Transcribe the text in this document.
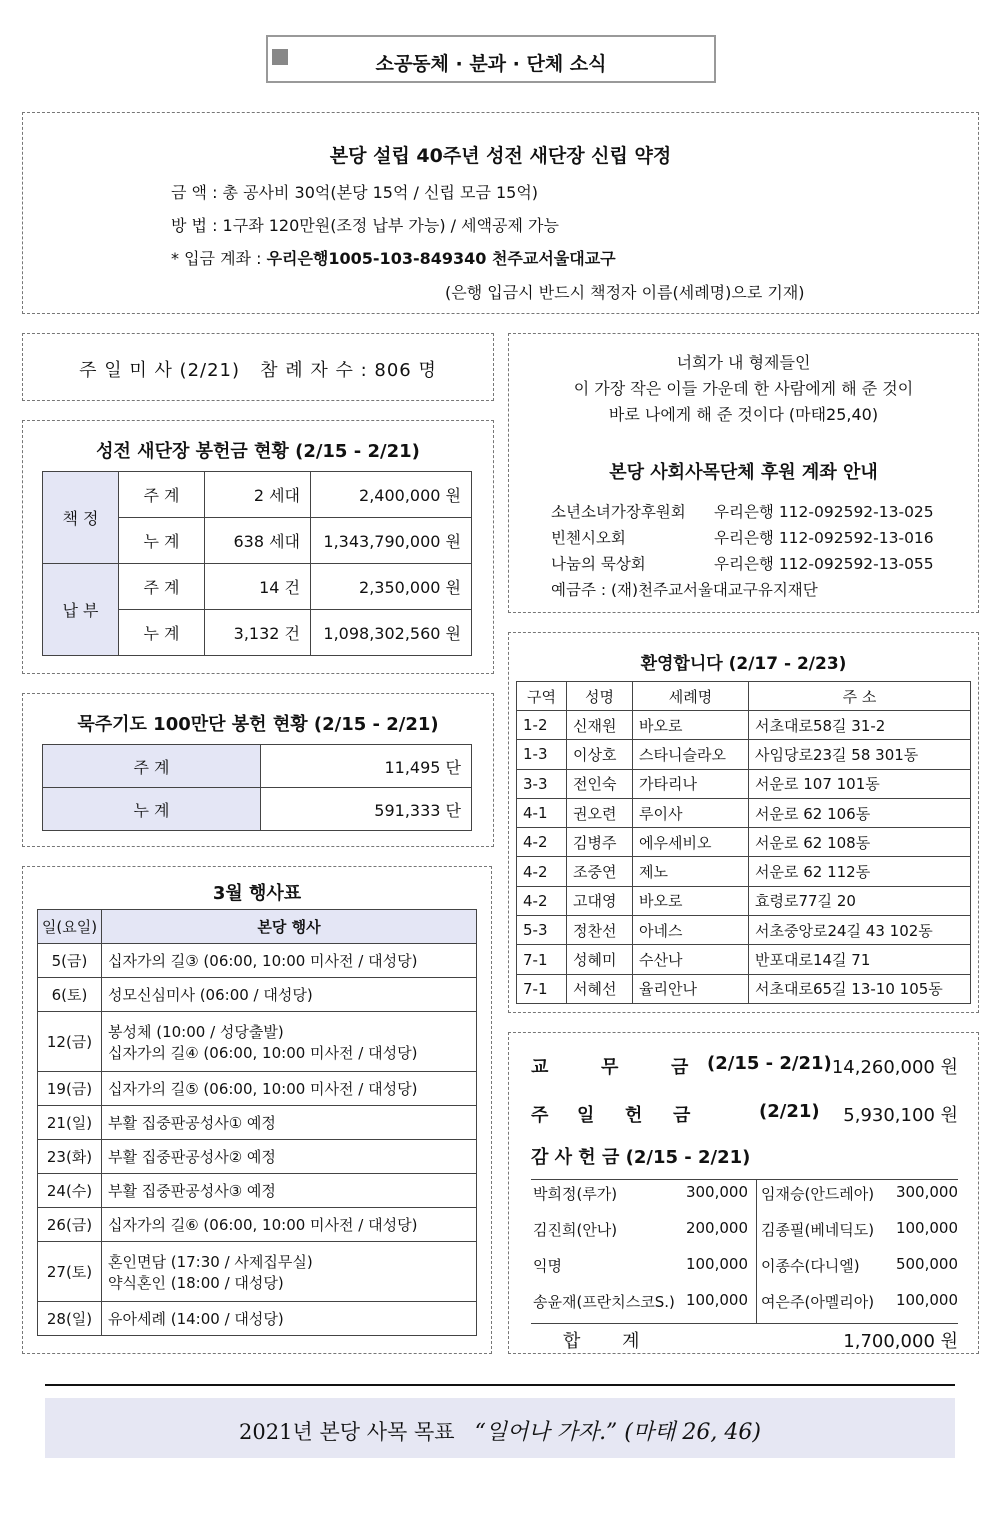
소공동체 · 분과 · 단체 소식
본당 설립 40주년 성전 새단장 신립 약정
금 액 : 총 공사비 30억(본당 15억 / 신립 모금 15억)
방 법 : 1구좌 120만원(조정 납부 가능) / 세액공제 가능
* 입금 계좌 : 우리은행1005-103-849340 천주교서울대교구
(은행 입금시 반드시 책정자 이름(세례명)으로 기재)
주 일 미 사 (2/21)   참 례 자 수 : 806 명
성전 새단장 봉헌금 현황 (2/15 - 2/21)
책 정	주 계	2 세대	2,400,000 원
	누 계	638 세대	1,343,790,000 원
납 부	주 계	14 건	2,350,000 원
	누 계	3,132 건	1,098,302,560 원
묵주기도 100만단 봉헌 현황 (2/15 - 2/21)
주 계	11,495 단
누 계	591,333 단
3월 행사표
일(요일)	본당 행사
5(금)	십자가의 길③ (06:00, 10:00 미사전 / 대성당)
6(토)	성모신심미사 (06:00 / 대성당)
12(금)	봉성체 (10:00 / 성당출발)
십자가의 길④ (06:00, 10:00 미사전 / 대성당)

19(금)	십자가의 길⑤ (06:00, 10:00 미사전 / 대성당)
21(일)	부활 집중판공성사① 예정
23(화)	부활 집중판공성사② 예정
24(수)	부활 집중판공성사③ 예정
26(금)	십자가의 길⑥ (06:00, 10:00 미사전 / 대성당)
27(토)	혼인면담 (17:30 / 사제집무실)
약식혼인 (18:00 / 대성당)

28(일)	유아세례 (14:00 / 대성당)
너희가 내 형제들인
이 가장 작은 이들 가운데 한 사람에게 해 준 것이
바로 나에게 해 준 것이다 (마태25,40)
본당 사회사목단체 후원 계좌 안내
소년소녀가장후원회 우리은행 112-092592-13-025
빈첸시오회	우리은행 112-092592-13-016
나눔의 묵상회	우리은행 112-092592-13-055
예금주 : (재)천주교서울대교구유지재단
환영합니다 (2/17 - 2/23)
구역	성명	세례명	주 소
1-2	신재원	바오로	서초대로58길 31-2
1-3	이상호	스타니슬라오	사임당로23길 58 301동
3-3	전인숙	가타리나	서운로 107 101동
4-1	권오련	루이사	서운로 62 106동
4-2	김병주	에우세비오	서운로 62 108동
4-2	조중연	제노	서운로 62 112동
4-2	고대영	바오로	효령로77길 20
5-3	정찬선	아네스	서초중앙로24길 43 102동
7-1	성혜미	수산나	반포대로14길 71
7-1	서혜선	율리안나	서초대로65길 13-10 105동
교	무	금 (2/15 - 2/21) 14,260,000 원
주 일 헌 금	(2/21) 5,930,100 원
감 사 헌 금 (2/15 - 2/21)
박희정(루가)	300,000 임재승(안드레아) 300,000
김진희(안나)	200,000 김종필(베네딕도) 100,000
익명	100,000 이종수(다니엘) 500,000
송윤재(프란치스코S.) 100,000 여은주(아멜리아) 100,000
합 계	1,700,000 원
2021년 본당 사목 목표 “일어나 가자.” (마태 26, 46)
